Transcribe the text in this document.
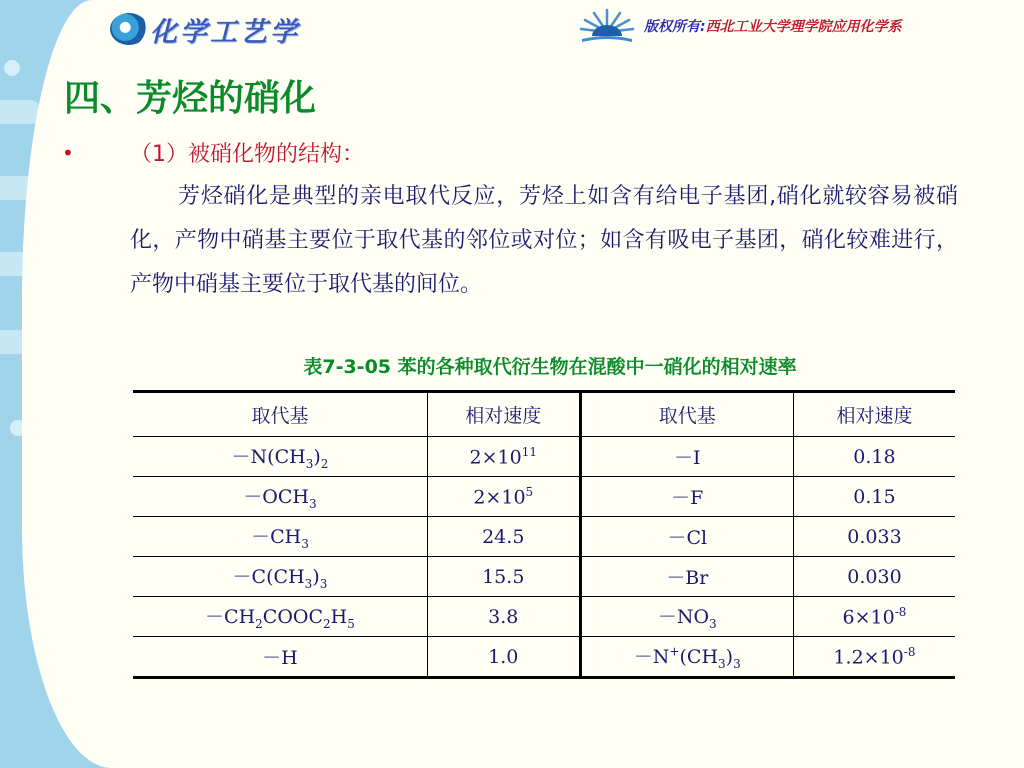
化学工艺学	版权所有:西北工业大学理学院应用化学系
四、芳烃的硝化
•	（1）被硝化物的结构：

芳烃硝化是典型的亲电取代反应，芳烃上如含有给电子基团,硝化就较容易被硝化，产物中硝基主要位于取代基的邻位或对位；如含有吸电子基团，硝化较难进行，产物中硝基主要位于取代基的间位。

表7-3-05 苯的各种取代衍生物在混酸中一硝化的相对速率
取代基	相对速度	取代基	相对速度
$-N(CH_3)_2$	$2\times 10^{11}$	－I	0.18
$-OCH_3$	$2\times 10^5$	－F	0.15
$-CH_3$	24.5	－Cl	0.033
$-C(CH_3)_3$	15.5	－Br	0.030
$-CH_2COOC_2H_5$	3.8	$-NO_3$	$6\times 10^{-8}$
－H	1.0	$-N^+(CH_3)_3$	$1.2\times 10^{-8}$
